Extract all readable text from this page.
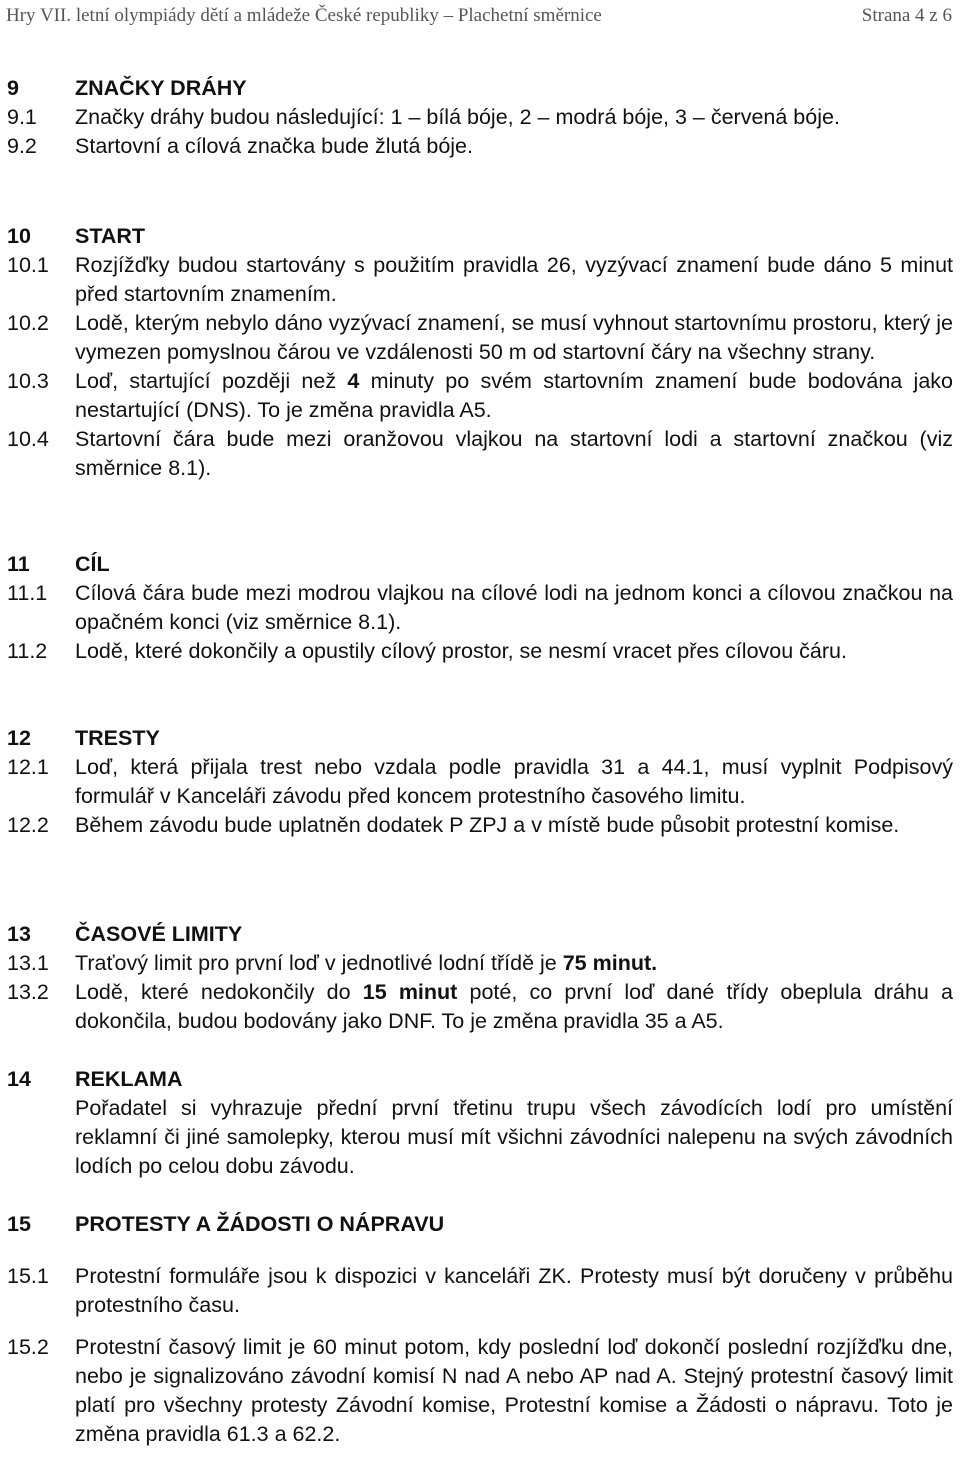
Hry VII. letní olympiády dětí a mládeže České republiky – Plachetní směrnice	Strana 4 z 6
9	ZNAČKY DRÁHY
9.1 Značky dráhy budou následující: 1 – bílá bóje, 2 – modrá bóje, 3 – červená bóje.
9.2 Startovní a cílová značka bude žlutá bóje.
10 START
10.1 Rozjížďky budou startovány s použitím pravidla 26, vyzývací znamení bude dáno 5 minut před startovním znamením.
10.2 Lodě, kterým nebylo dáno vyzývací znamení, se musí vyhnout startovnímu prostoru, který je vymezen pomyslnou čárou ve vzdálenosti 50 m od startovní čáry na všechny strany.
10.3 Loď, startující později než 4 minuty po svém startovním znamení bude bodována jako nestartující (DNS). To je změna pravidla A5.
10.4 Startovní čára bude mezi oranžovou vlajkou na startovní lodi a startovní značkou (viz směrnice 8.1).
11 CÍL
11.1 Cílová čára bude mezi modrou vlajkou na cílové lodi na jednom konci a cílovou značkou na opačném konci (viz směrnice 8.1).
11.2 Lodě, které dokončily a opustily cílový prostor, se nesmí vracet přes cílovou čáru.
12 TRESTY
12.1 Loď, která přijala trest nebo vzdala podle pravidla 31 a 44.1, musí vyplnit Podpisový formulář v Kanceláři závodu před koncem protestního časového limitu.
12.2 Během závodu bude uplatněn dodatek P ZPJ a v místě bude působit protestní komise.
13 ČASOVÉ LIMITY
13.1 Traťový limit pro první loď v jednotlivé lodní třídě je 75 minut.
13.2 Lodě, které nedokončily do 15 minut poté, co první loď dané třídy obeplula dráhu a dokončila, budou bodovány jako DNF. To je změna pravidla 35 a A5.
14 REKLAMA
Pořadatel si vyhrazuje přední první třetinu trupu všech závodících lodí pro umístění reklamní či jiné samolepky, kterou musí mít všichni závodníci nalepenu na svých závodních lodích po celou dobu závodu.
15 PROTESTY A ŽÁDOSTI O NÁPRAVU
15.1 Protestní formuláře jsou k dispozici v kanceláři ZK. Protesty musí být doručeny v průběhu protestního času.
15.2 Protestní časový limit je 60 minut potom, kdy poslední loď dokončí poslední rozjížďku dne, nebo je signalizováno závodní komisí N nad A nebo AP nad A. Stejný protestní časový limit platí pro všechny protesty Závodní komise, Protestní komise a Žádosti o nápravu. Toto je změna pravidla 61.3 a 62.2.
